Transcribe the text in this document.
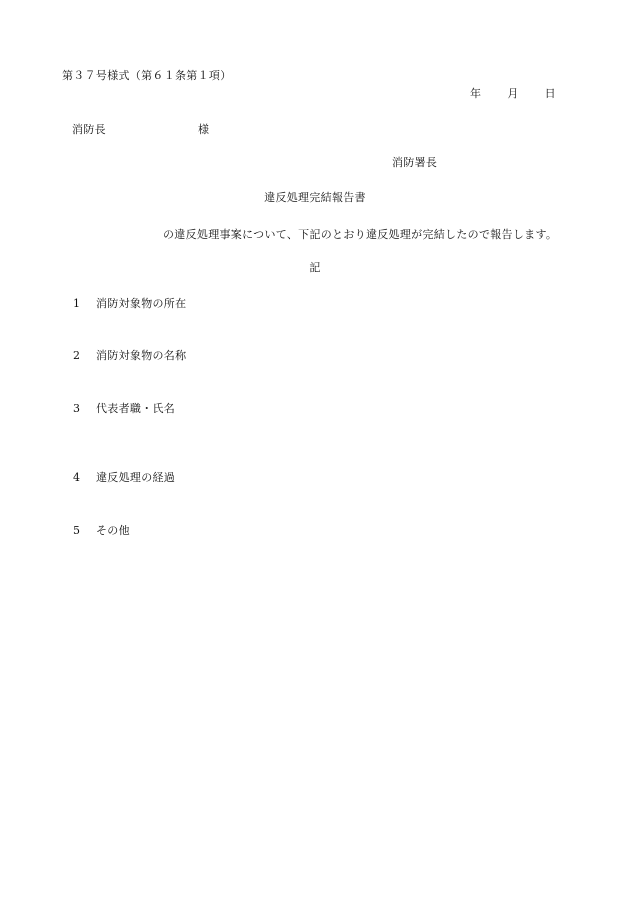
第３７号様式（第６１条第１項）
年 月 日
消防長	様
消防署長
違反処理完結報告書
の違反処理事案について、下記のとおり違反処理が完結したので報告します。
記
1 消防対象物の所在
2 消防対象物の名称
3 代表者職・氏名
4 違反処理の経過
5 その他
